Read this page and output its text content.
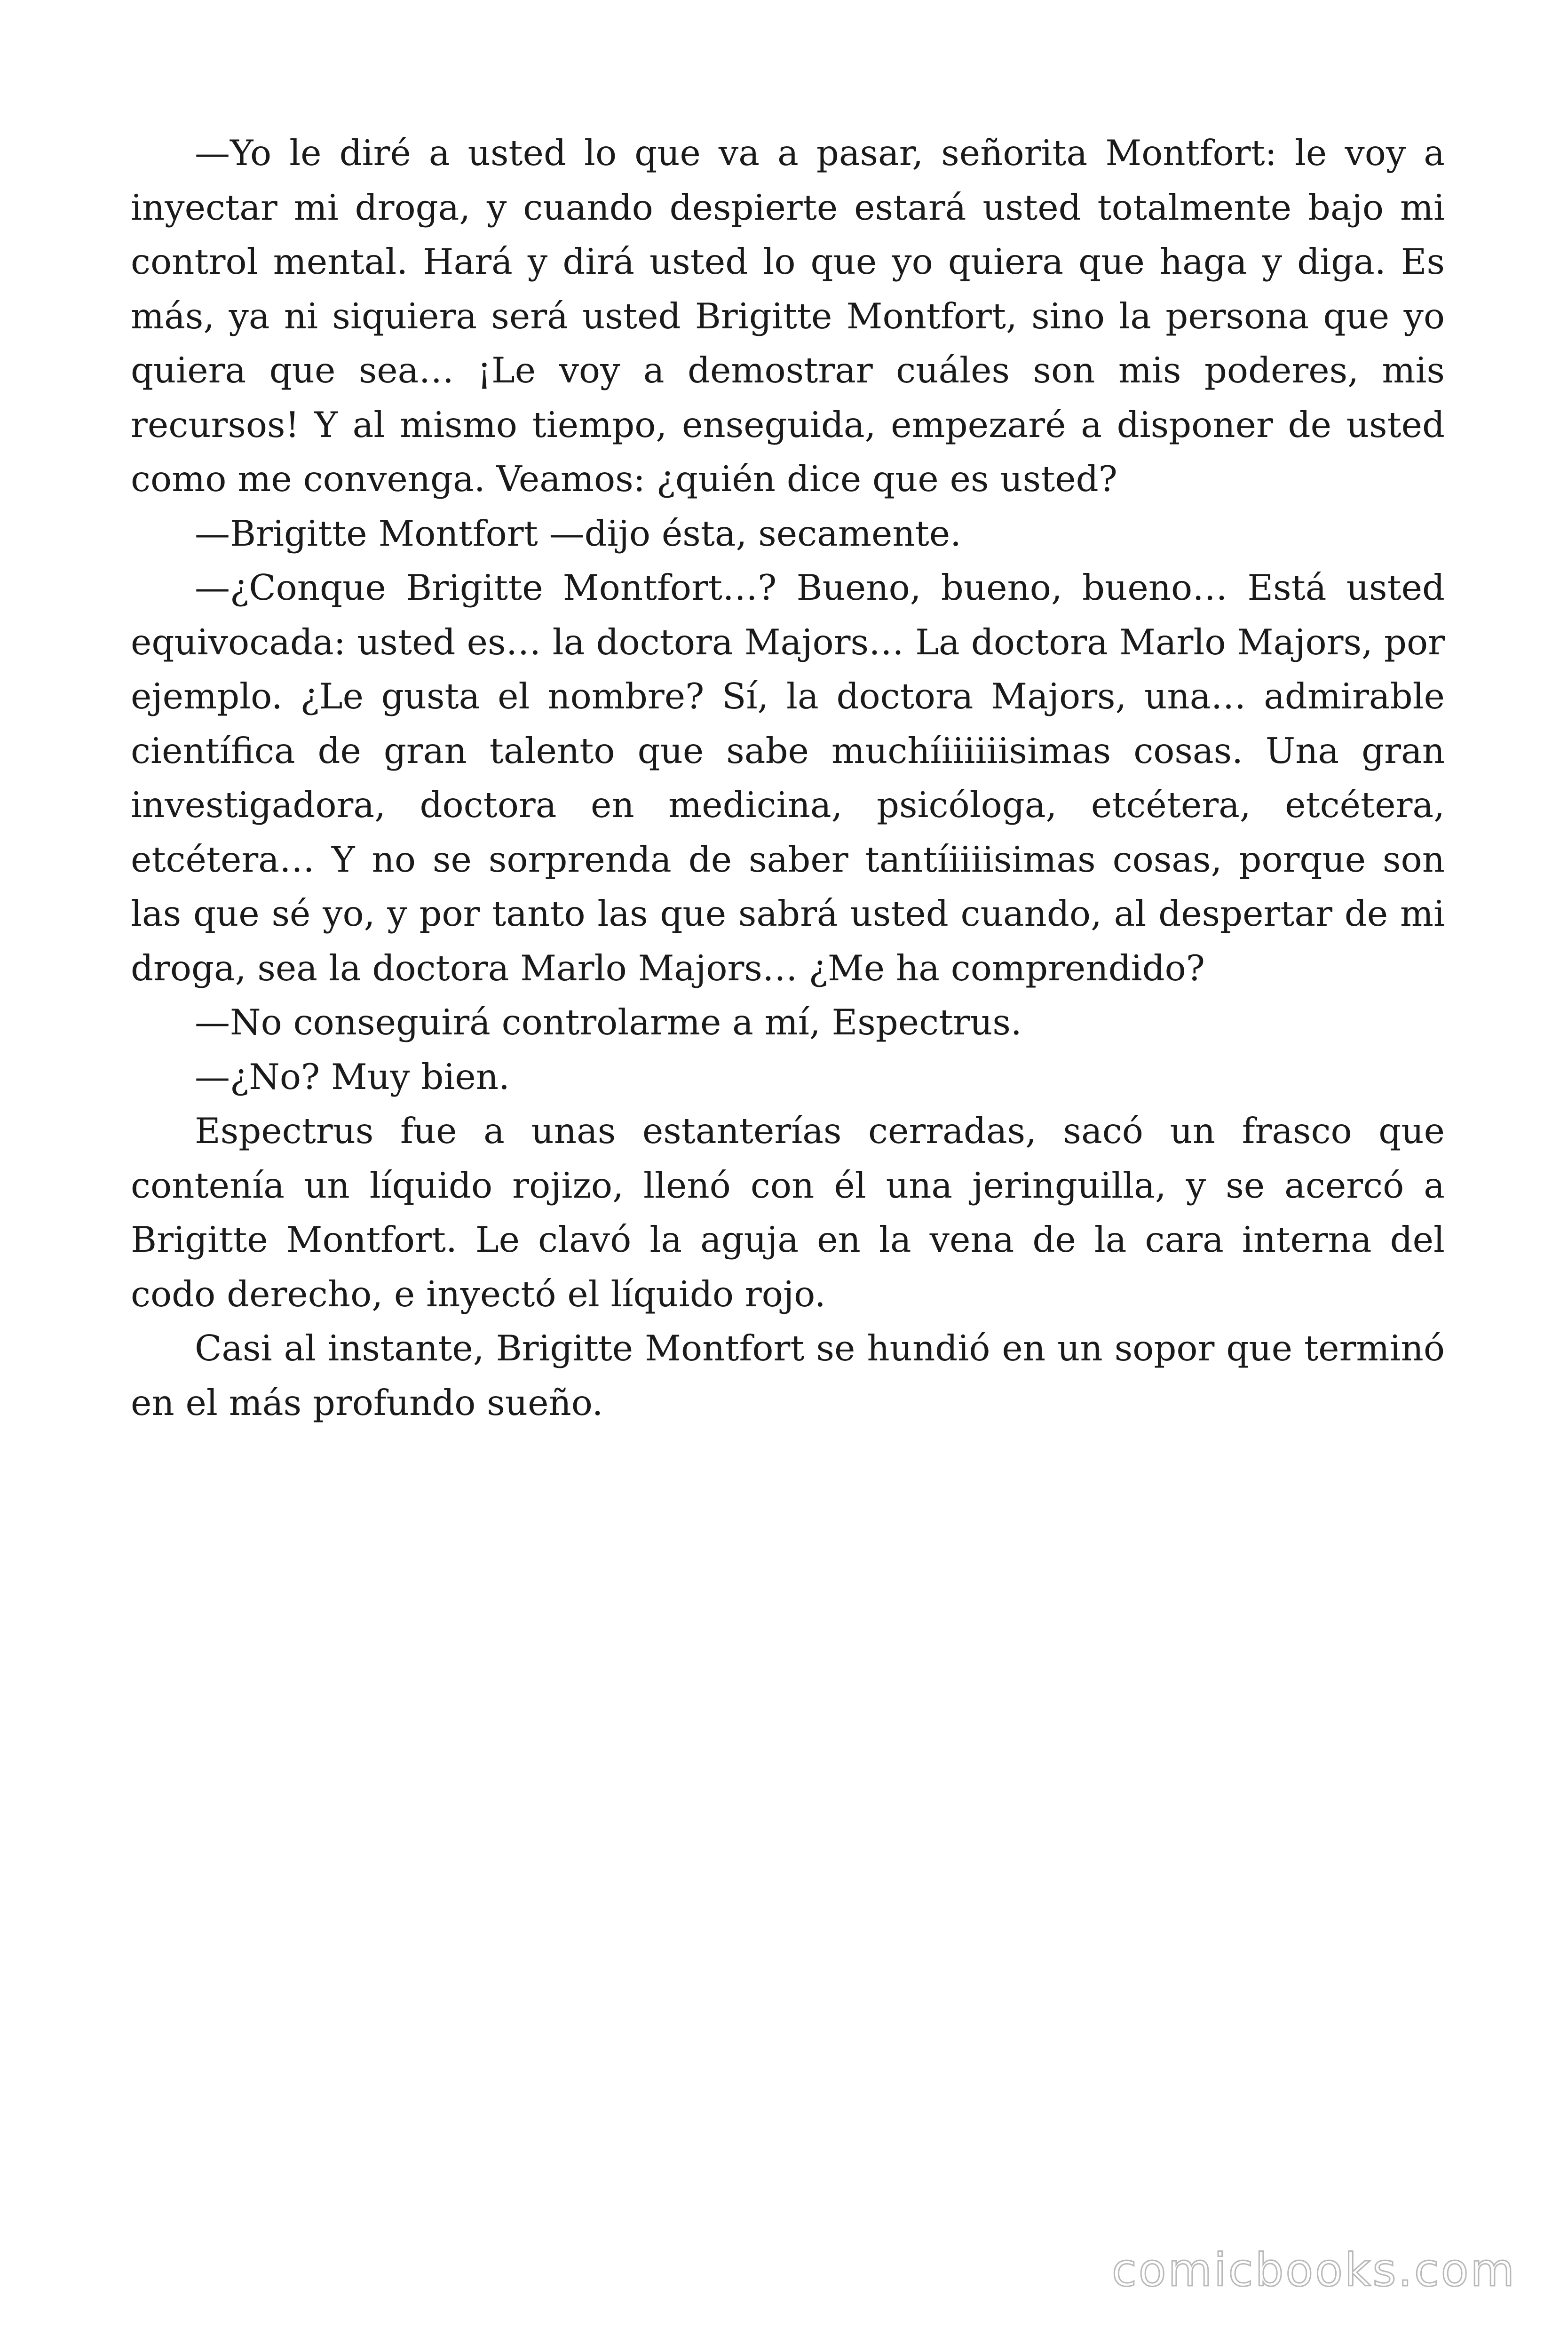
—Yo le diré a usted lo que va a pasar, señorita Montfort: le voy a inyectar mi droga, y cuando despierte estará usted totalmente bajo mi control mental. Hará y dirá usted lo que yo quiera que haga y diga. Es más, ya ni siquiera será usted Brigitte Montfort, sino la persona que yo quiera que sea… ¡Le voy a demostrar cuáles son mis poderes, mis recursos! Y al mismo tiempo, enseguida, empezaré a disponer de usted como me convenga. Veamos: ¿quién dice que es usted?

—Brigitte Montfort —dijo ésta, secamente.

—¿Conque Brigitte Montfort…? Bueno, bueno, bueno… Está usted equivocada: usted es… la doctora Majors… La doctora Marlo Majors, por ejemplo. ¿Le gusta el nombre? Sí, la doctora Majors, una… admirable científica de gran talento que sabe muchíiiiiiisimas cosas. Una gran investigadora, doctora en medicina, psicóloga, etcétera, etcétera, etcétera… Y no se sorprenda de saber tantíiiiisimas cosas, porque son las que sé yo, y por tanto las que sabrá usted cuando, al despertar de mi droga, sea la doctora Marlo Majors… ¿Me ha comprendido?

—No conseguirá controlarme a mí, Espectrus.

—¿No? Muy bien.

Espectrus fue a unas estanterías cerradas, sacó un frasco que contenía un líquido rojizo, llenó con él una jeringuilla, y se acercó a Brigitte Montfort. Le clavó la aguja en la vena de la cara interna del codo derecho, e inyectó el líquido rojo.

Casi al instante, Brigitte Montfort se hundió en un sopor que terminó en el más profundo sueño.

comicbooks.com
